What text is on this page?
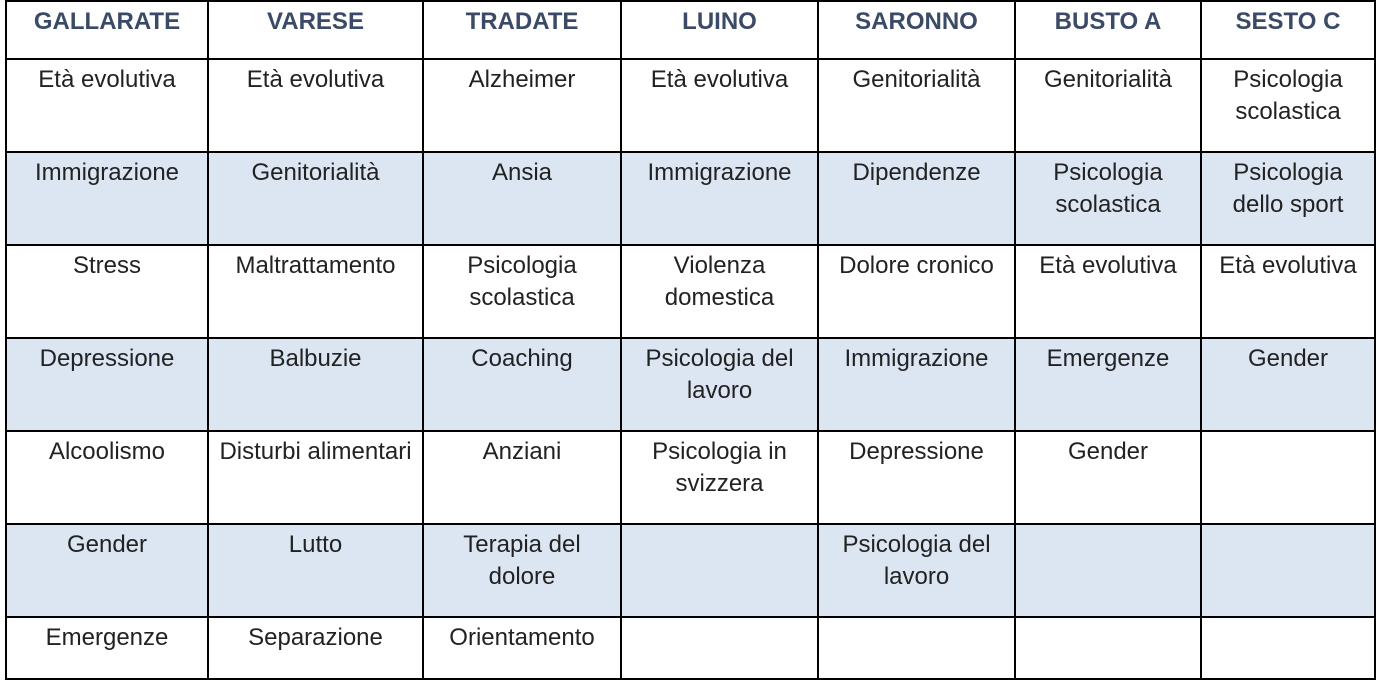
GALLARATE	VARESE	TRADATE	LUINO	SARONNO	BUSTO A	SESTO C
Età evolutiva	Età evolutiva	Alzheimer	Età evolutiva	Genitorialità	Genitorialità	Psicologia scolastica
Immigrazione	Genitorialità	Ansia	Immigrazione	Dipendenze	Psicologia scolastica	Psicologia dello sport
Stress	Maltrattamento	Psicologia scolastica	Violenza domestica	Dolore cronico	Età evolutiva	Età evolutiva
Depressione	Balbuzie	Coaching	Psicologia del lavoro	Immigrazione	Emergenze	Gender
Alcoolismo	Disturbi alimentari	Anziani	Psicologia in svizzera	Depressione	Gender	
Gender	Lutto	Terapia del dolore		Psicologia del lavoro		
Emergenze	Separazione	Orientamento				
